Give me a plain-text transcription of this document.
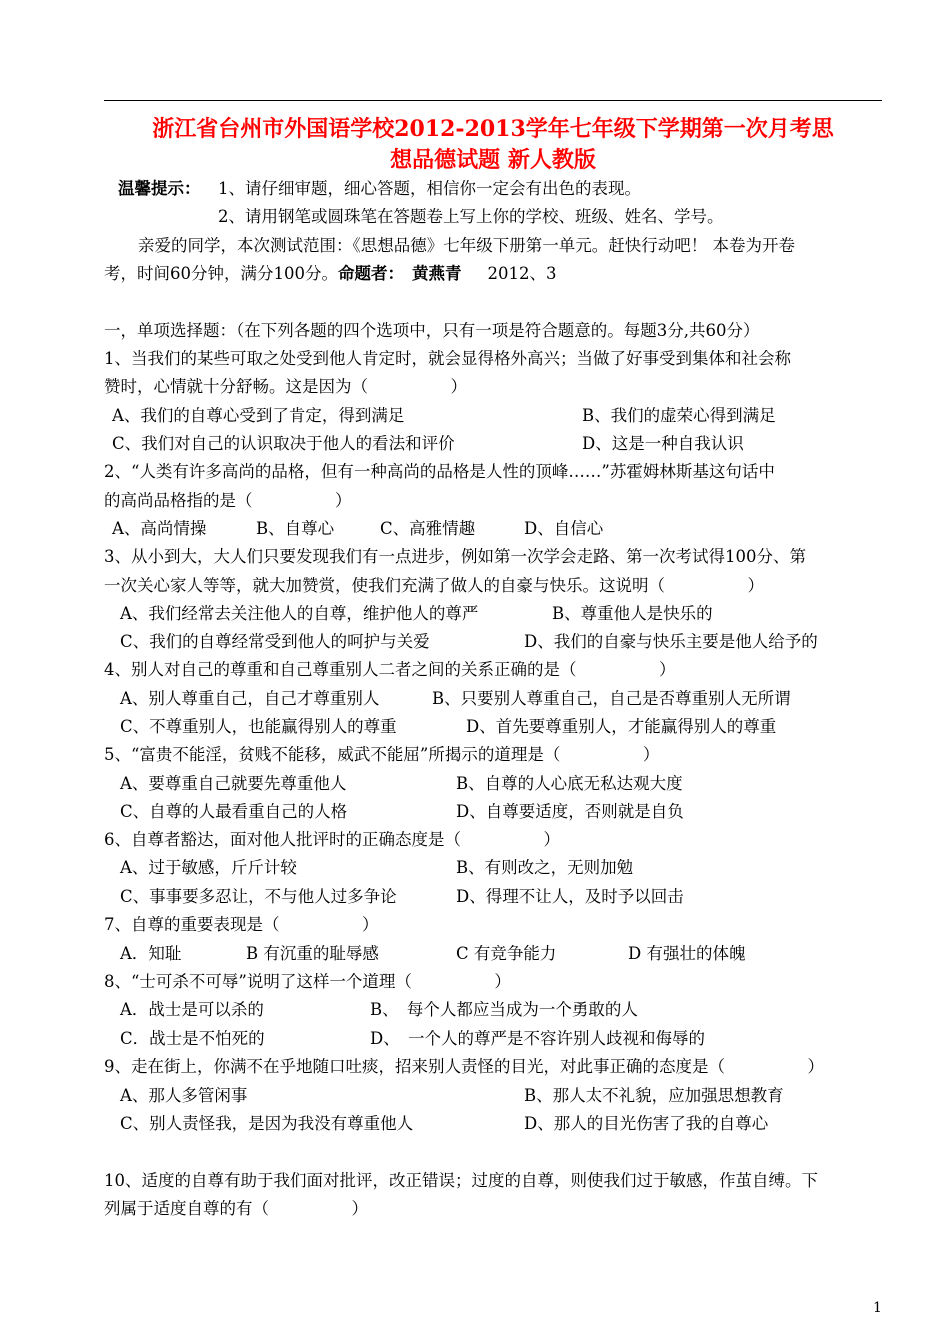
浙江省台州市外国语学校2012-2013学年七年级下学期第一次月考思
想品德试题 新人教版
温馨提示： 1、请仔细审题，细心答题，相信你一定会有出色的表现。
2、请用钢笔或圆珠笔在答题卷上写上你的学校、班级、姓名、学号。
亲爱的同学，本次测试范围：《思想品德》七年级下册第一单元。赶快行动吧！ 本卷为开卷
考，时间60分钟，满分100分。命题者： 黄燕青 2012、3
一，单项选择题：（在下列各题的四个选项中，只有一项是符合题意的。每题3分,共60分）
1、当我们的某些可取之处受到他人肯定时，就会显得格外高兴；当做了好事受到集体和社会称
赞时，心情就十分舒畅。这是因为（　　　　　）
A、我们的自尊心受到了肯定，得到满足	B、我们的虚荣心得到满足
C、我们对自己的认识取决于他人的看法和评价	D、这是一种自我认识
2、“人类有许多高尚的品格，但有一种高尚的品格是人性的顶峰……”苏霍姆林斯基这句话中
的高尚品格指的是（　　　　　）
A、高尚情操	B、自尊心	C、高雅情趣	D、自信心
3、从小到大，大人们只要发现我们有一点进步，例如第一次学会走路、第一次考试得100分、第
一次关心家人等等，就大加赞赏，使我们充满了做人的自豪与快乐。这说明（　　　　　）
A、我们经常去关注他人的自尊，维护他人的尊严	B、尊重他人是快乐的
C、我们的自尊经常受到他人的呵护与关爱	D、我们的自豪与快乐主要是他人给予的
4、别人对自己的尊重和自己尊重别人二者之间的关系正确的是（　　　　　）
A、别人尊重自己，自己才尊重别人	B、只要别人尊重自己，自己是否尊重别人无所谓
C、不尊重别人，也能赢得别人的尊重	D、首先要尊重别人，才能赢得别人的尊重
5、“富贵不能淫，贫贱不能移，威武不能屈”所揭示的道理是（　　　　　）
A、要尊重自己就要先尊重他人	B、自尊的人心底无私达观大度
C、自尊的人最看重自己的人格	D、自尊要适度，否则就是自负
6、自尊者豁达，面对他人批评时的正确态度是（　　　　　）
A、过于敏感，斤斤计较	B、有则改之，无则加勉
C、事事要多忍让，不与他人过多争论	D、得理不让人，及时予以回击
7、自尊的重要表现是（　　　　　）
A．知耻	B 有沉重的耻辱感	C 有竞争能力	D 有强壮的体魄
8、“士可杀不可辱”说明了这样一个道理（　　　　　）
A．战士是可以杀的	B、　每个人都应当成为一个勇敢的人
C．战士是不怕死的	D、　一个人的尊严是不容许别人歧视和侮辱的
9、走在街上，你满不在乎地随口吐痰，招来别人责怪的目光，对此事正确的态度是（　　　　　）
A、那人多管闲事	B、那人太不礼貌，应加强思想教育
C、别人责怪我，是因为我没有尊重他人	D、那人的目光伤害了我的自尊心
10、适度的自尊有助于我们面对批评，改正错误；过度的自尊，则使我们过于敏感，作茧自缚。下
列属于适度自尊的有（　　　　　）
1
